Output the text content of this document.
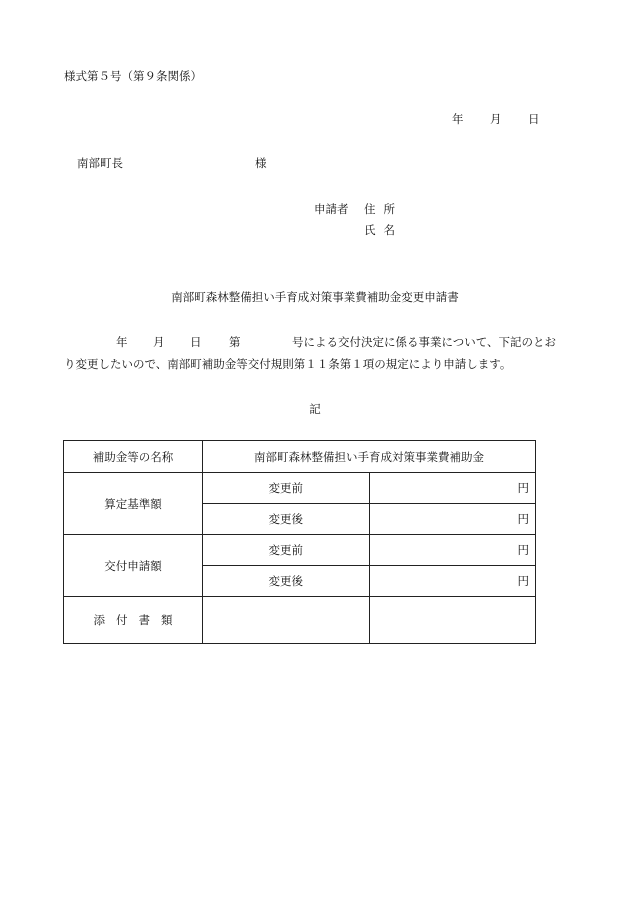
様式第５号（第９条関係）
年 月 日
南部町長	様
申請者 住所
氏名
南部町森林整備担い手育成対策事業費補助金変更申請書
年 月 日 第	号による交付決定に係る事業について、下記のとお
り変更したいので、南部町補助金等交付規則第１１条第１項の規定により申請します。
記
補助金等の名称	南部町森林整備担い手育成対策事業費補助金	
算定基準額	変更前	円
	変更後	円
交付申請額	変更前	円
	変更後	円
添付書類		
